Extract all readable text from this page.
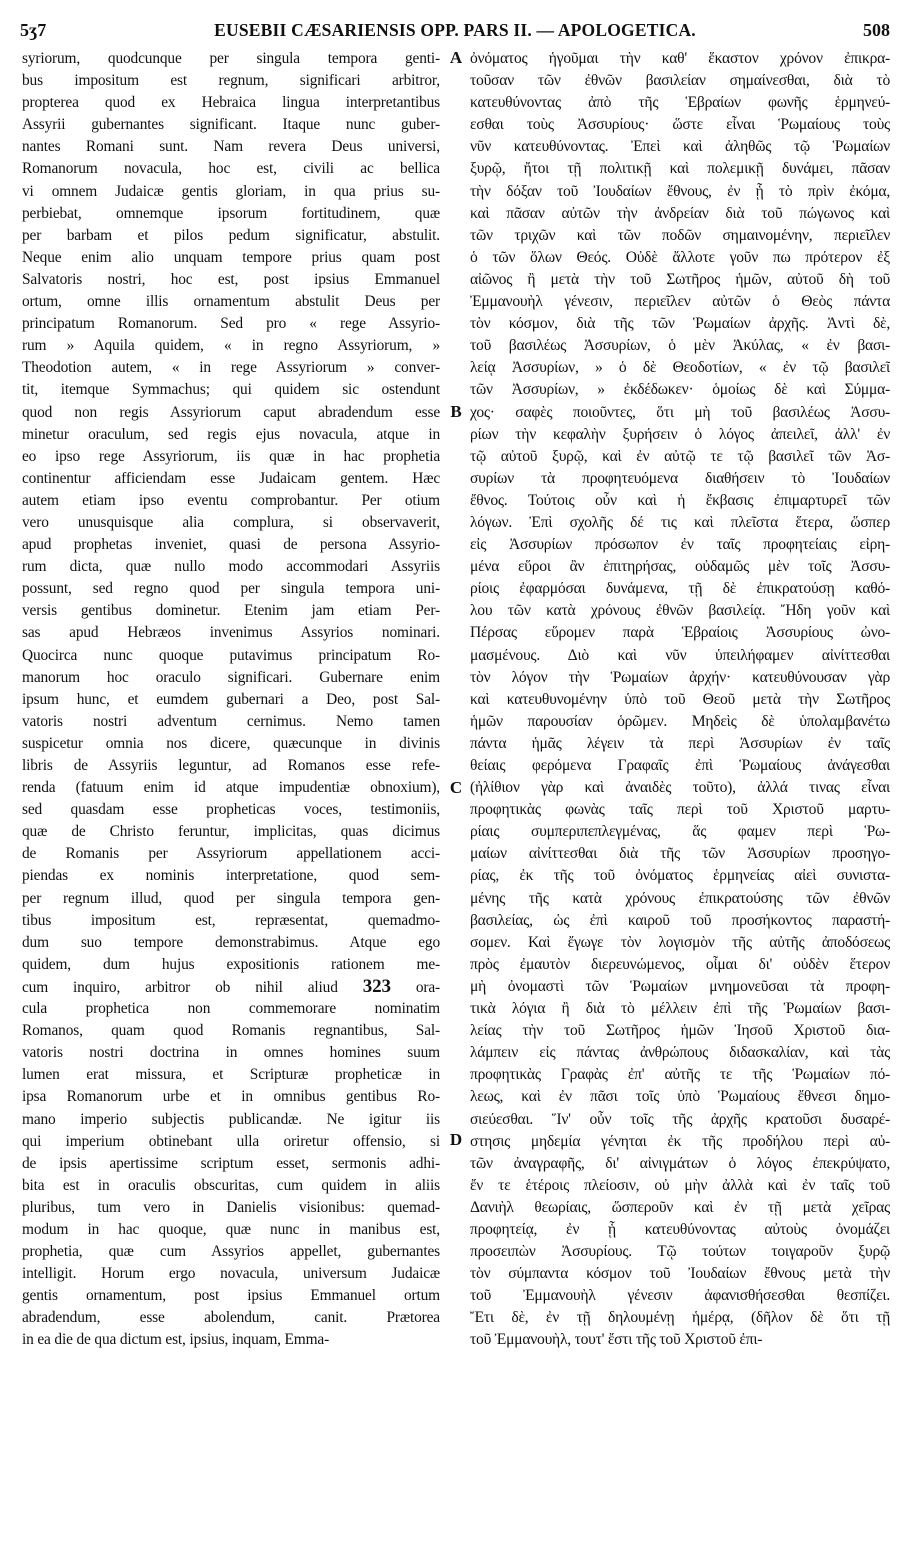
5ʒ7	EUSEBII CÆSARIENSIS OPP. PARS II. — APOLOGETICA.	508
syriorum, quodcunque per singula tempora genti-
bus impositum est regnum, significari arbitror,
propterea quod ex Hebraica lingua interpretantibus
Assyrii gubernantes significant. Itaque nunc guber-
nantes Romani sunt. Nam revera Deus universi,
Romanorum novacula, hoc est, civili ac bellica
vi omnem Judaicæ gentis gloriam, in qua prius su-
perbiebat, omnemque ipsorum fortitudinem, quæ
per barbam et pilos pedum significatur, abstulit.
Neque enim alio unquam tempore prius quam post
Salvatoris nostri, hoc est, post ipsius Emmanuel
ortum, omne illis ornamentum abstulit Deus per
principatum Romanorum. Sed pro « rege Assyrio-
rum » Aquila quidem, « in regno Assyriorum, »
Theodotion autem, « in rege Assyriorum » conver-
tit, itemque Symmachus; qui quidem sic ostendunt
quod non regis Assyriorum caput abradendum esse
minetur oraculum, sed regis ejus novacula, atque in
eo ipso rege Assyriorum, iis quæ in hac prophetia
continentur afficiendam esse Judaicam gentem. Hæc
autem etiam ipso eventu comprobantur. Per otium
vero unusquisque alia complura, si observaverit,
apud prophetas inveniet, quasi de persona Assyrio-
rum dicta, quæ nullo modo accommodari Assyriis
possunt, sed regno quod per singula tempora uni-
versis gentibus dominetur. Etenim jam etiam Per-
sas apud Hebræos invenimus Assyrios nominari.
Quocirca nunc quoque putavimus principatum Ro-
manorum hoc oraculo significari. Gubernare enim
ipsum hunc, et eumdem gubernari a Deo, post Sal-
vatoris nostri adventum cernimus. Nemo tamen
suspicetur omnia nos dicere, quæcunque in divinis
libris de Assyriis leguntur, ad Romanos esse refe-
renda (fatuum enim id atque impudentiæ obnoxium),
sed quasdam esse propheticas voces, testimoniis,
quæ de Christo feruntur, implicitas, quas dicimus
de Romanis per Assyriorum appellationem acci-
piendas ex nominis interpretatione, quod sem-
per regnum illud, quod per singula tempora gen-
tibus impositum est, repræsentat, quemadmo-
dum suo tempore demonstrabimus. Atque ego
quidem, dum hujus expositionis rationem me-
cum inquiro, arbitror ob nihil aliud 323 ora-
cula prophetica non commemorare nominatim
Romanos, quam quod Romanis regnantibus, Sal-
vatoris nostri doctrina in omnes homines suum
lumen erat missura, et Scripturæ propheticæ in
ipsa Romanorum urbe et in omnibus gentibus Ro-
mano imperio subjectis publicandæ. Ne igitur iis
qui imperium obtinebant ulla oriretur offensio, si
de ipsis apertissime scriptum esset, sermonis adhi-
bita est in oraculis obscuritas, cum quidem in aliis
pluribus, tum vero in Danielis visionibus: quemad-
modum in hac quoque, quæ nunc in manibus est,
prophetia, quæ cum Assyrios appellet, gubernantes
intelligit. Horum ergo novacula, universum Judaicæ
gentis ornamentum, post ipsius Emmanuel ortum
abradendum, esse abolendum, canit. Prætorea
in ea die de qua dictum est, ipsius, inquam, Emma-
A
B
C
D
ὀνόματος ἡγοῦμαι τὴν καθ' ἕκαστον χρόνον ἐπικρα-
τοῦσαν τῶν ἐθνῶν βασιλείαν σημαίνεσθαι, διὰ τὸ
κατευθύνοντας ἀπὸ τῆς Ἑβραίων φωνῆς ἑρμηνεύ-
εσθαι τοὺς Ἀσσυρίους· ὥστε εἶναι Ῥωμαίους τοὺς
νῦν κατευθύνοντας. Ἐπεὶ καὶ ἀληθῶς τῷ Ῥωμαίων
ξυρῷ, ἤτοι τῇ πολιτικῇ καὶ πολεμικῇ δυνάμει, πᾶσαν
τὴν δόξαν τοῦ Ἰουδαίων ἔθνους, ἐν ᾗ τὸ πρὶν ἐκόμα,
καὶ πᾶσαν αὐτῶν τὴν ἀνδρείαν διὰ τοῦ πώγωνος καὶ
τῶν τριχῶν καὶ τῶν ποδῶν σημαινομένην, περιεῖλεν
ὁ τῶν ὅλων Θεός. Οὐδὲ ἄλλοτε γοῦν πω πρότερον ἐξ
αἰῶνος ἢ μετὰ τὴν τοῦ Σωτῆρος ἡμῶν, αὐτοῦ δὴ τοῦ
Ἐμμανουὴλ γένεσιν, περιεῖλεν αὐτῶν ὁ Θεὸς πάντα
τὸν κόσμον, διὰ τῆς τῶν Ῥωμαίων ἀρχῆς. Ἀντὶ δὲ,
τοῦ βασιλέως Ἀσσυρίων, ὁ μὲν Ἀκύλας, « ἐν βασι-
λείᾳ Ἀσσυρίων, » ὁ δὲ Θεοδοτίων, « ἐν τῷ βασιλεῖ
τῶν Ἀσσυρίων, » ἐκδέδωκεν· ὁμοίως δὲ καὶ Σύμμα-
χος· σαφὲς ποιοῦντες, ὅτι μὴ τοῦ βασιλέως Ἀσσυ-
ρίων τὴν κεφαλὴν ξυρήσειν ὁ λόγος ἀπειλεῖ, ἀλλ' ἐν
τῷ αὐτοῦ ξυρῷ, καὶ ἐν αὐτῷ τε τῷ βασιλεῖ τῶν Ἀσ-
συρίων τὰ προφητευόμενα διαθήσειν τὸ Ἰουδαίων
ἔθνος. Τούτοις οὖν καὶ ἡ ἔκβασις ἐπιμαρτυρεῖ τῶν
λόγων. Ἐπὶ σχολῆς δέ τις καὶ πλεῖστα ἕτερα, ὥσπερ
εἰς Ἀσσυρίων πρόσωπον ἐν ταῖς προφητείαις εἰρη-
μένα εὕροι ἂν ἐπιτηρήσας, οὐδαμῶς μὲν τοῖς Ἀσσυ-
ρίοις ἐφαρμόσαι δυνάμενα, τῇ δὲ ἐπικρατούσῃ καθό-
λου τῶν κατὰ χρόνους ἐθνῶν βασιλείᾳ. Ἤδη γοῦν καὶ
Πέρσας εὕρομεν παρὰ Ἑβραίοις Ἀσσυρίους ὠνο-
μασμένους. Διὸ καὶ νῦν ὑπειλήφαμεν αἰνίττεσθαι
τὸν λόγον τὴν Ῥωμαίων ἀρχήν· κατευθύνουσαν γὰρ
καὶ κατευθυνομένην ὑπὸ τοῦ Θεοῦ μετὰ τὴν Σωτῆρος
ἡμῶν παρουσίαν ὁρῶμεν. Μηδεὶς δὲ ὑπολαμβανέτω
πάντα ἡμᾶς λέγειν τὰ περὶ Ἀσσυρίων ἐν ταῖς
θείαις φερόμενα Γραφαῖς ἐπὶ Ῥωμαίους ἀνάγεσθαι
(ἠλίθιον γὰρ καὶ ἀναιδὲς τοῦτο), ἀλλά τινας εἶναι
προφητικὰς φωνὰς ταῖς περὶ τοῦ Χριστοῦ μαρτυ-
ρίαις συμπεριπεπλεγμένας, ἅς φαμεν περὶ Ῥω-
μαίων αἰνίττεσθαι διὰ τῆς τῶν Ἀσσυρίων προσηγο-
ρίας, ἐκ τῆς τοῦ ὀνόματος ἑρμηνείας αἰεὶ συνιστα-
μένης τῆς κατὰ χρόνους ἐπικρατούσης τῶν ἐθνῶν
βασιλείας, ὡς ἐπὶ καιροῦ τοῦ προσήκοντος παραστή-
σομεν. Καὶ ἔγωγε τὸν λογισμὸν τῆς αὐτῆς ἀποδόσεως
πρὸς ἐμαυτὸν διερευνώμενος, οἶμαι δι' οὐδὲν ἕτερον
μὴ ὀνομαστὶ τῶν Ῥωμαίων μνημονεῦσαι τὰ προφη-
τικὰ λόγια ἢ διὰ τὸ μέλλειν ἐπὶ τῆς Ῥωμαίων βασι-
λείας τὴν τοῦ Σωτῆρος ἡμῶν Ἰησοῦ Χριστοῦ δια-
λάμπειν εἰς πάντας ἀνθρώπους διδασκαλίαν, καὶ τὰς
προφητικὰς Γραφὰς ἐπ' αὐτῆς τε τῆς Ῥωμαίων πό-
λεως, καὶ ἐν πᾶσι τοῖς ὑπὸ Ῥωμαίους ἔθνεσι δημο-
σιεύεσθαι. Ἵν' οὖν τοῖς τῆς ἀρχῆς κρατοῦσι δυσαρέ-
στησις μηδεμία γένηται ἐκ τῆς προδήλου περὶ αὐ-
τῶν ἀναγραφῆς, δι' αἰνιγμάτων ὁ λόγος ἐπεκρύψατο,
ἔν τε ἑτέροις πλείοσιν, οὐ μὴν ἀλλὰ καὶ ἐν ταῖς τοῦ
Δανιὴλ θεωρίαις, ὥσπεροῦν καὶ ἐν τῇ μετὰ χεῖρας
προφητείᾳ, ἐν ᾗ κατευθύνοντας αὐτοὺς ὀνομάζει
προσειπὼν Ἀσσυρίους. Τῷ τούτων τοιγαροῦν ξυρῷ
τὸν σύμπαντα κόσμον τοῦ Ἰουδαίων ἔθνους μετὰ τὴν
τοῦ Ἐμμανουὴλ γένεσιν ἀφανισθήσεσθαι θεσπίζει.
Ἔτι δὲ, ἐν τῇ δηλουμένῃ ἡμέρᾳ, (δῆλον δὲ ὅτι τῇ
τοῦ Ἐμμανουὴλ, τουτ' ἔστι τῆς τοῦ Χριστοῦ ἐπι-
